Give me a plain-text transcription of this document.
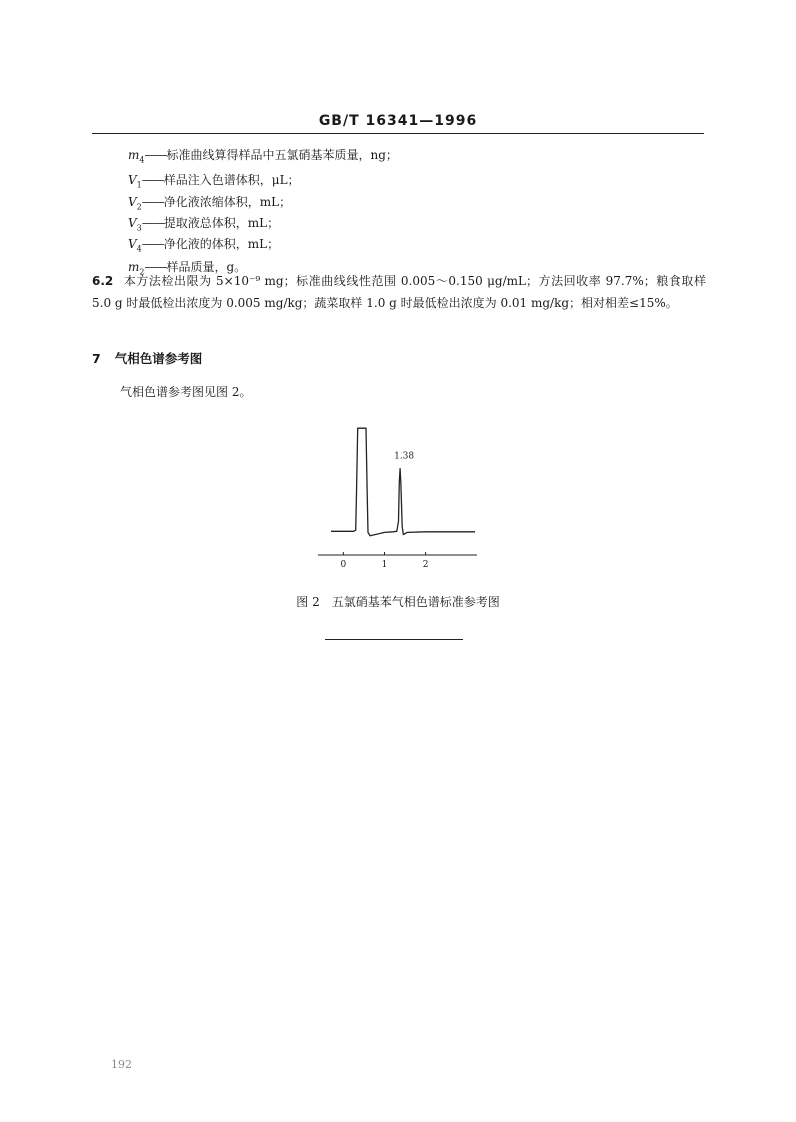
GB/T 16341—1996
$m_4——$标准曲线算得样品中五氯硝基苯质量，ng；
$V_1——$样品注入色谱体积，μL；
$V_2——$净化液浓缩体积，mL；
$V_3——$提取液总体积，mL；
$V_4——$净化液的体积，mL；
$m_2——$样品质量，g。
6.2 本方法检出限为 5×10⁻⁹ mg；标准曲线线性范围 0.005～0.150 μg/mL；方法回收率 97.7%；粮食取样 5.0 g 时最低检出浓度为 0.005 mg/kg；蔬菜取样 1.0 g 时最低检出浓度为 0.01 mg/kg；相对相差≤15%。
7 气相色谱参考图
气相色谱参考图见图 2。
0	1	2
1.38
图 2 五氯硝基苯气相色谱标准参考图
192
